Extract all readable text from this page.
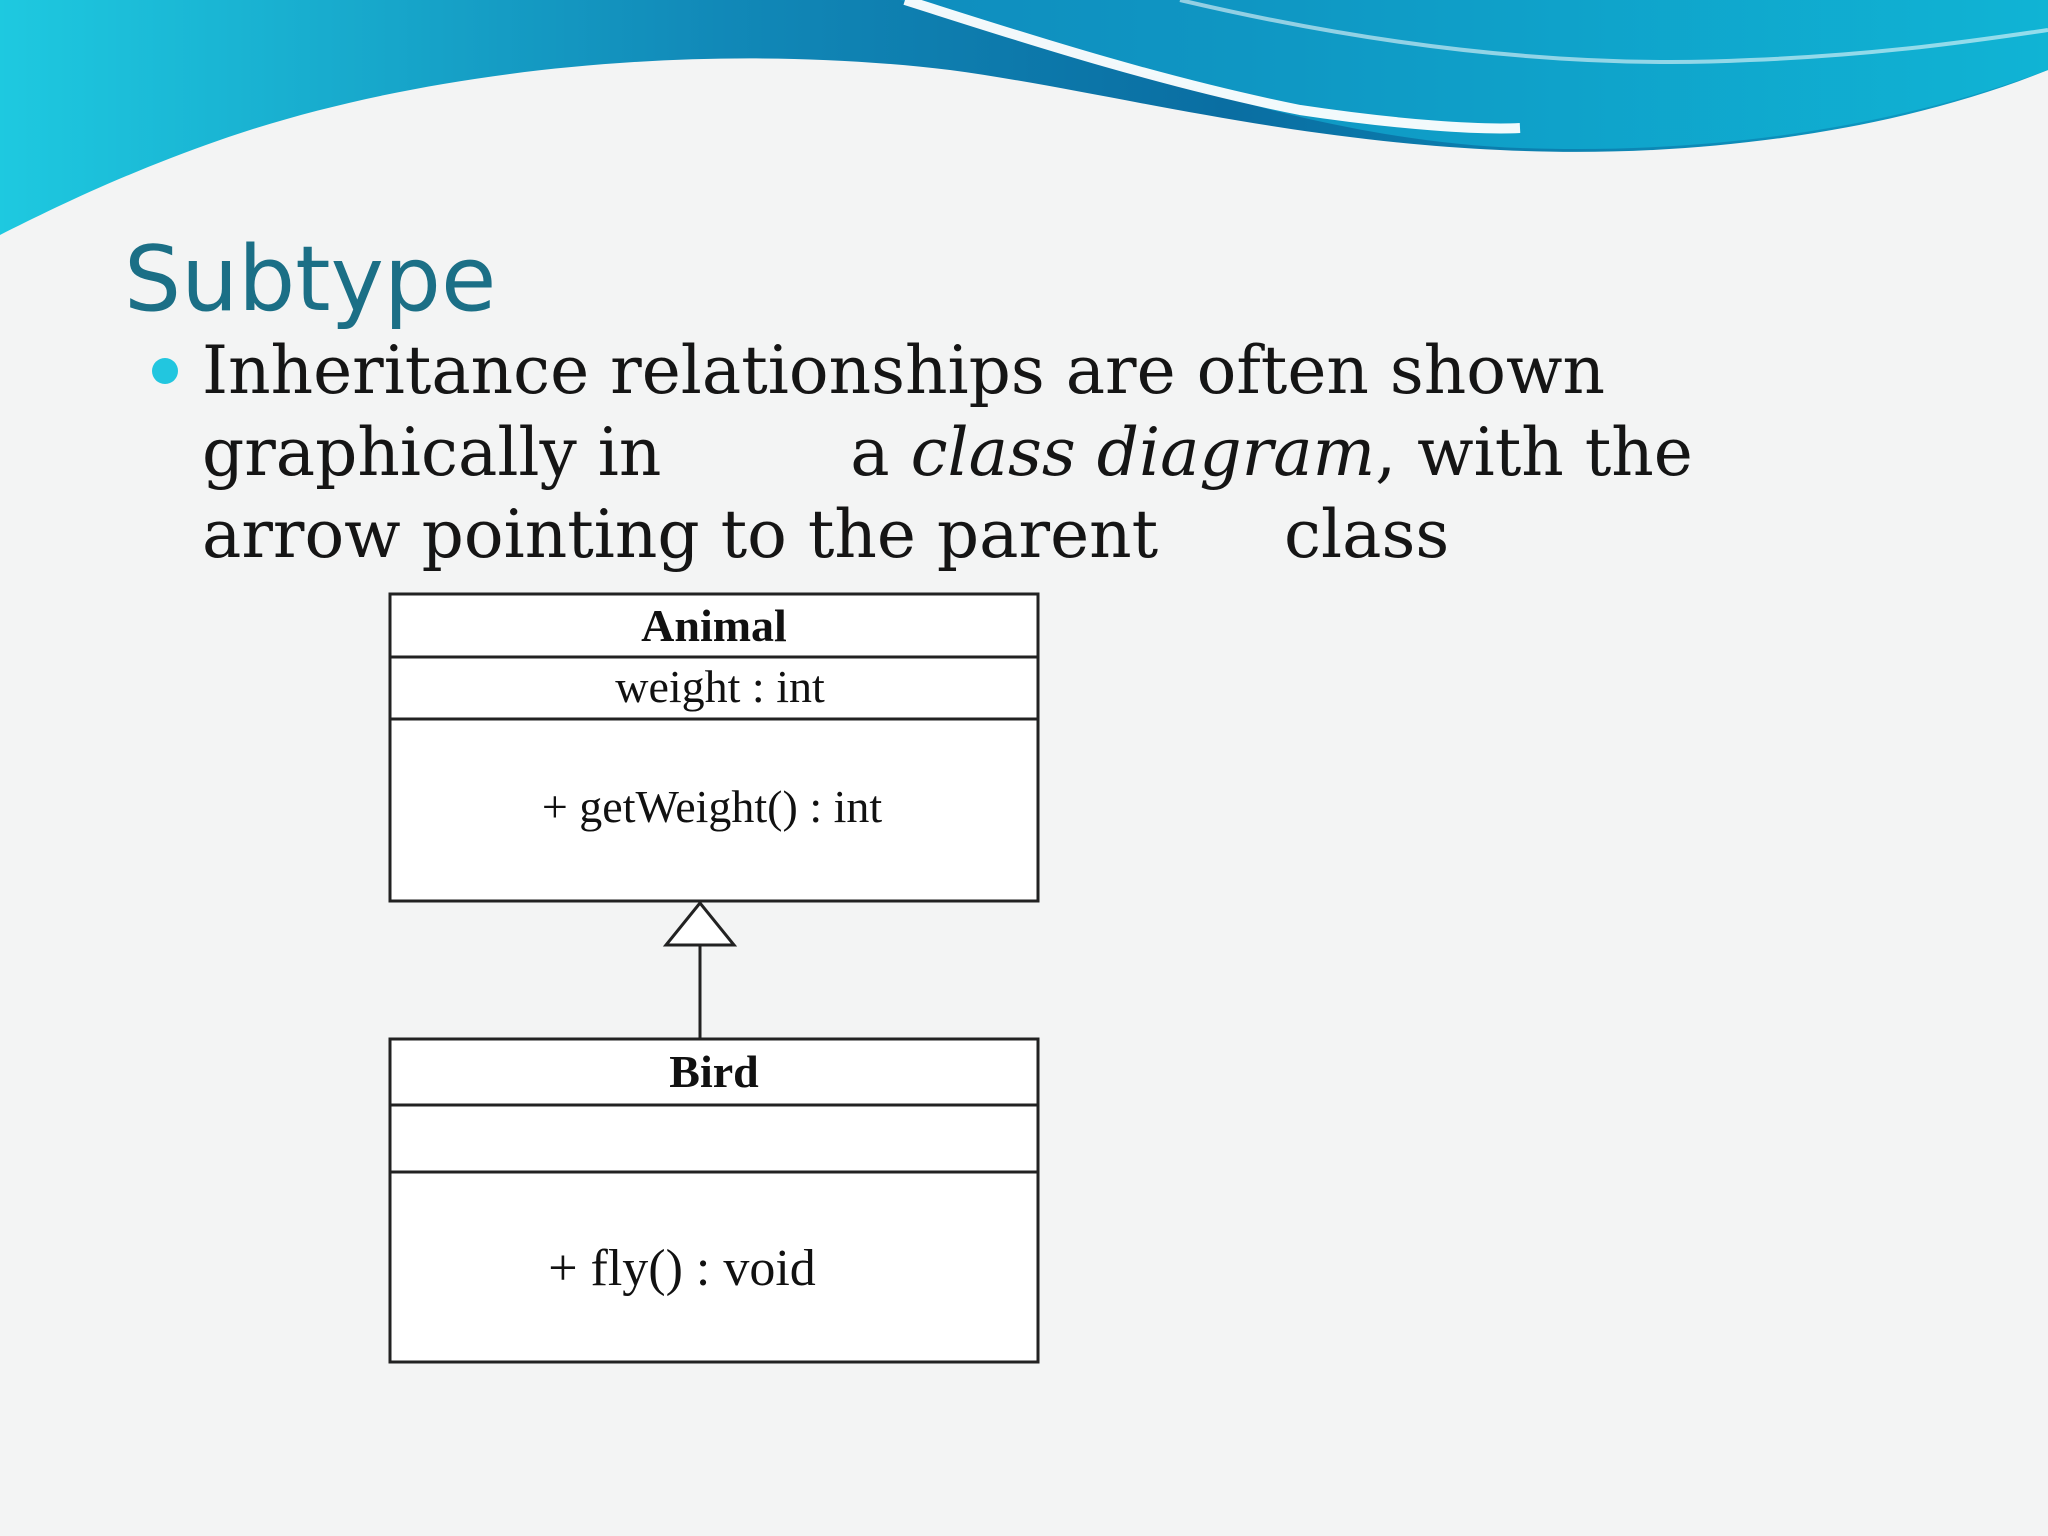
Subtype
Inheritance relationships are often shown
graphically in         a class diagram, with the
arrow pointing to the parent      class
Animal
weight : int
+ getWeight() : int
Bird
+ fly() : void
